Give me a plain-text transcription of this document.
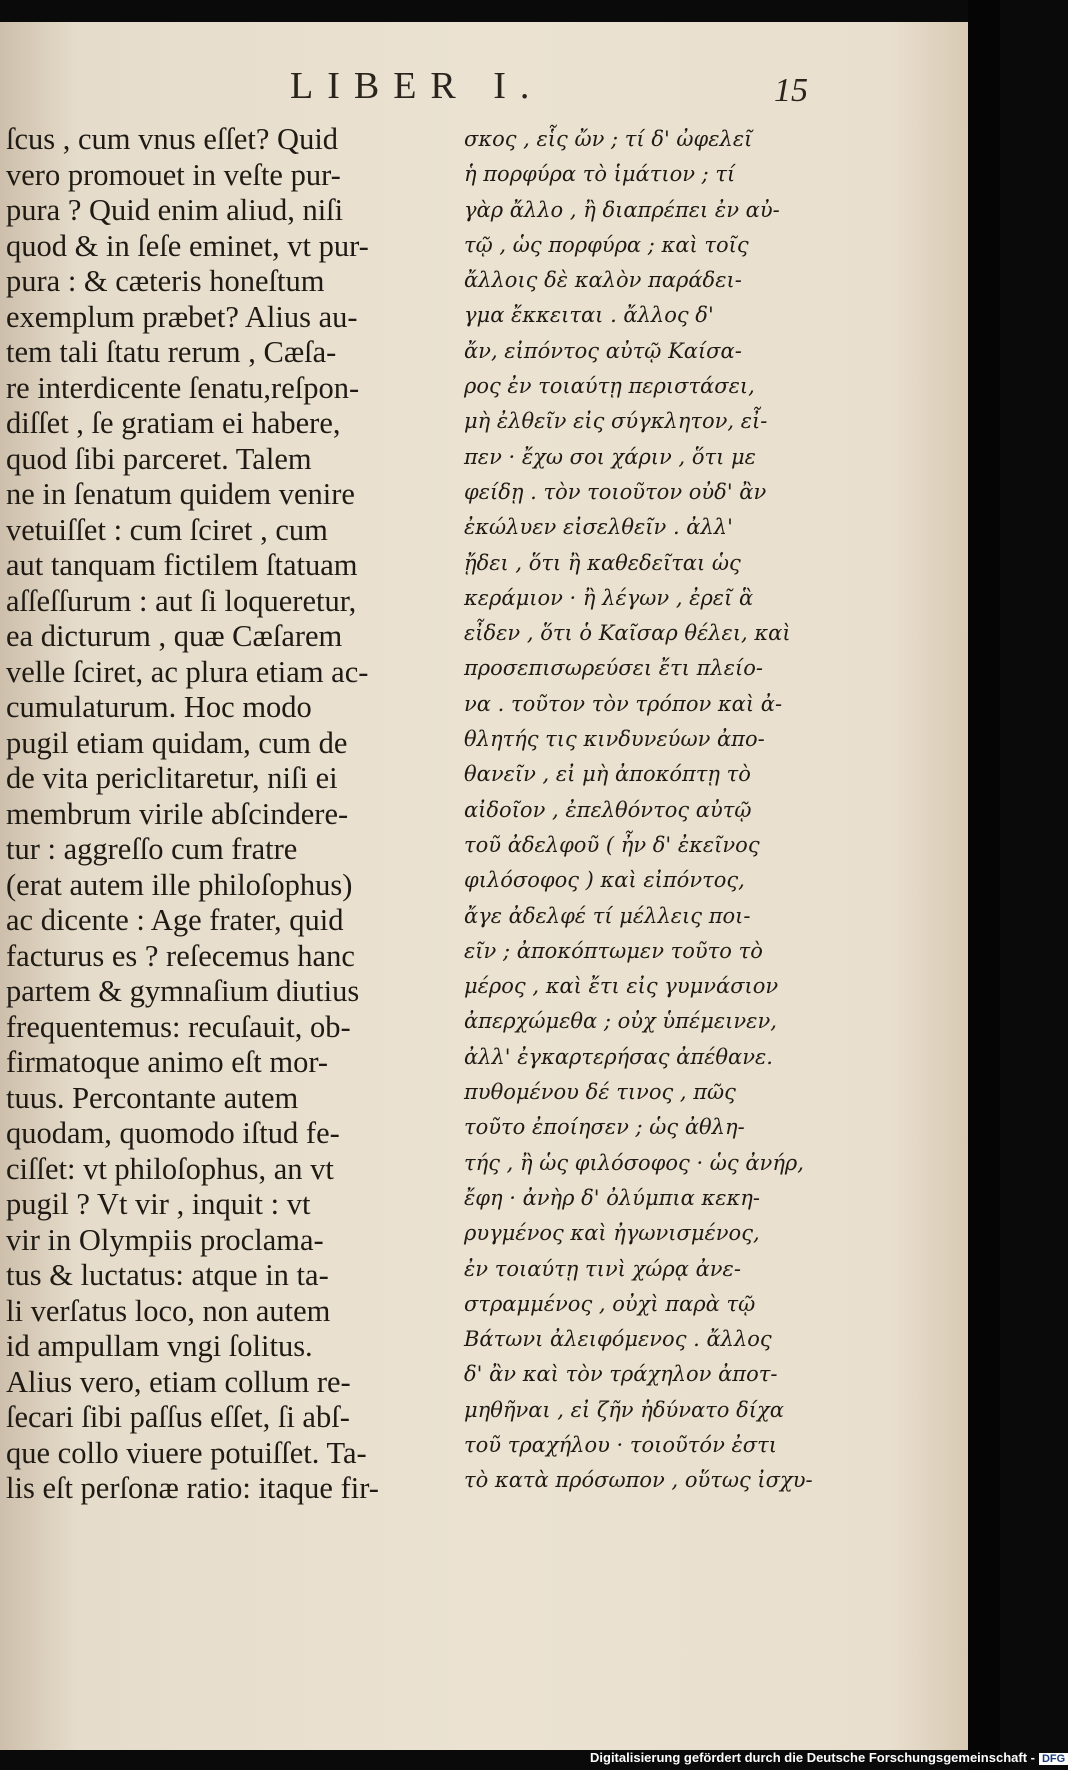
LIBER I.	15
ſcus , cum vnus eſſet? Quid
vero promouet in veſte pur-
pura ? Quid enim aliud, niſi
quod & in ſeſe eminet, vt pur-
pura : & cæteris honeſtum
exemplum præbet? Alius au-
tem tali ſtatu rerum , Cæſa-
re interdicente ſenatu,reſpon-
diſſet , ſe gratiam ei habere,
quod ſibi parceret. Talem
ne in ſenatum quidem venire
vetuiſſet : cum ſciret , cum
aut tanquam fictilem ſtatuam
aſſeſſurum : aut ſi loqueretur,
ea dicturum , quæ Cæſarem
velle ſciret, ac plura etiam ac-
cumulaturum. Hoc modo
pugil etiam quidam, cum de
de vita periclitaretur, niſi ei
membrum virile abſcindere-
tur : aggreſſo cum fratre
(erat autem ille philoſophus)
ac dicente : Age frater, quid
facturus es ? reſecemus hanc
partem & gymnaſium diutius
frequentemus: recuſauit, ob-
firmatoque animo eſt mor-
tuus. Percontante autem
quodam, quomodo iſtud fe-
ciſſet: vt philoſophus, an vt
pugil ? Vt vir , inquit : vt
vir in Olympiis proclama-
tus & luctatus: atque in ta-
li verſatus loco, non autem
id ampullam vngi ſolitus.
Alius vero, etiam collum re-
ſecari ſibi paſſus eſſet, ſi abſ-
que collo viuere potuiſſet. Ta-
lis eſt perſonæ ratio: itaque fir-
σκος , εἷς ὤν ; τί δ' ὠφελεῖ
ἡ πορφύρα τὸ ἱμάτιον ; τί
γὰρ ἄλλο , ἢ διαπρέπει ἐν αὐ-
τῷ , ὡς πορφύρα ; καὶ τοῖς
ἄλλοις δὲ καλὸν παράδει-
γμα ἔκκειται . ἄλλος δ'
ἄν, εἰπόντος αὐτῷ Καίσα-
ρος ἐν τοιαύτῃ περιστάσει,
μὴ ἐλθεῖν εἰς σύγκλητον, εἶ-
πεν · ἔχω σοι χάριν , ὅτι με
φείδῃ . τὸν τοιοῦτον οὐδ' ἂν
ἐκώλυεν εἰσελθεῖν . ἀλλ'
ᾔδει , ὅτι ἢ καθεδεῖται ὡς
κεράμιον · ἢ λέγων , ἐρεῖ ἃ
εἶδεν , ὅτι ὁ Καῖσαρ θέλει, καὶ
προσεπισωρεύσει ἔτι πλείο-
να . τοῦτον τὸν τρόπον καὶ ἀ-
θλητής τις κινδυνεύων ἀπο-
θανεῖν , εἰ μὴ ἀποκόπτῃ τὸ
αἰδοῖον , ἐπελθόντος αὐτῷ
τοῦ ἀδελφοῦ ( ἦν δ' ἐκεῖνος
φιλόσοφος ) καὶ εἰπόντος,
ἄγε ἀδελφέ τί μέλλεις ποι-
εῖν ; ἀποκόπτωμεν τοῦτο τὸ
μέρος , καὶ ἔτι εἰς γυμνάσιον
ἀπερχώμεθα ; οὐχ ὑπέμεινεν,
ἀλλ' ἐγκαρτερήσας ἀπέθανε.
πυθομένου δέ τινος , πῶς
τοῦτο ἐποίησεν ; ὡς ἀθλη-
τής , ἢ ὡς φιλόσοφος · ὡς ἀνήρ,
ἔφη · ἀνὴρ δ' ὀλύμπια κεκη-
ρυγμένος καὶ ἠγωνισμένος,
ἐν τοιαύτῃ τινὶ χώρᾳ ἀνε-
στραμμένος , οὐχὶ παρὰ τῷ
Βάτωνι ἀλειφόμενος . ἄλλος
δ' ἂν καὶ τὸν τράχηλον ἀποτ-
μηθῆναι , εἰ ζῆν ἠδύνατο δίχα
τοῦ τραχήλου · τοιοῦτόν ἐστι
τὸ κατὰ πρόσωπον , οὕτως ἰσχυ-
Digitalisierung gefördert durch die Deutsche Forschungsgemeinschaft - DFG
